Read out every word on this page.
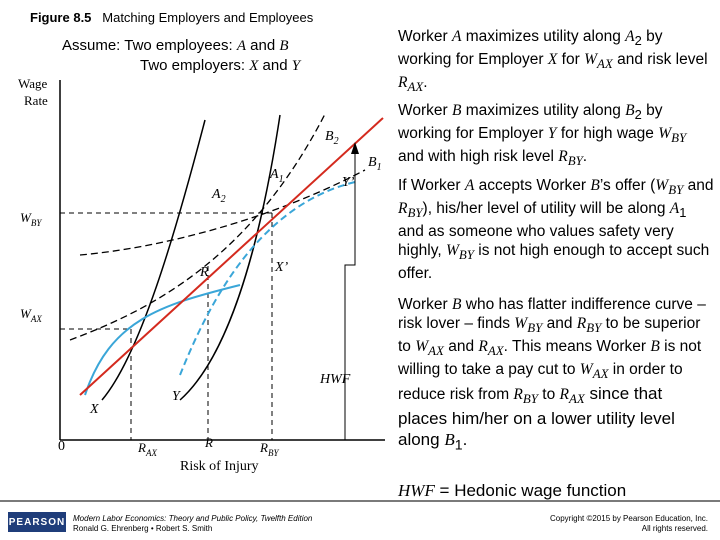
Figure 8.5 Matching Employers and Employees
Assume: Two employees: A and B
Two employers: X and Y
Wage
Rate
Risk of Injury
0
$W_{BY}$
$W_{AX}$
$R_{AX}$
R	$R_{BY}$
$A_2$
$A_1$
$B_2$
$B_1$
Y’
X’
R
HWF
Y
X
Worker A maximizes utility along $A_2$ by working for Employer X for $W_{AX}$ and risk level $R_{AX}$.
Worker B maximizes utility along $B_2$ by working for Employer Y for high wage $W_{BY}$ and with high risk level $R_{BY}$.
If Worker A accepts Worker B’s offer ($W_{BY}$ and $R_{BY}$), his/her level of utility will be along $A_1$ and as someone who values safety very highly, $W_{BY}$ is not high enough to accept such offer.
Worker B who has flatter indifference curve – risk lover – finds $W_{BY}$ and $R_{BY}$ to be superior to $W_{AX}$ and $R_{AX}$. This means Worker B is not willing to take a pay cut to $W_{AX}$ in order to reduce risk from $R_{BY}$ to $R_{AX}$ since that places him/her on a lower utility level along $B_1$.
HWF = Hedonic wage function
PEARSON Modern Labor Economics: Theory and Public Policy, Twelfth Edition
Ronald G. Ehrenberg • Robert S. Smith
Copyright ©2015 by Pearson Education, Inc.
All rights reserved.
